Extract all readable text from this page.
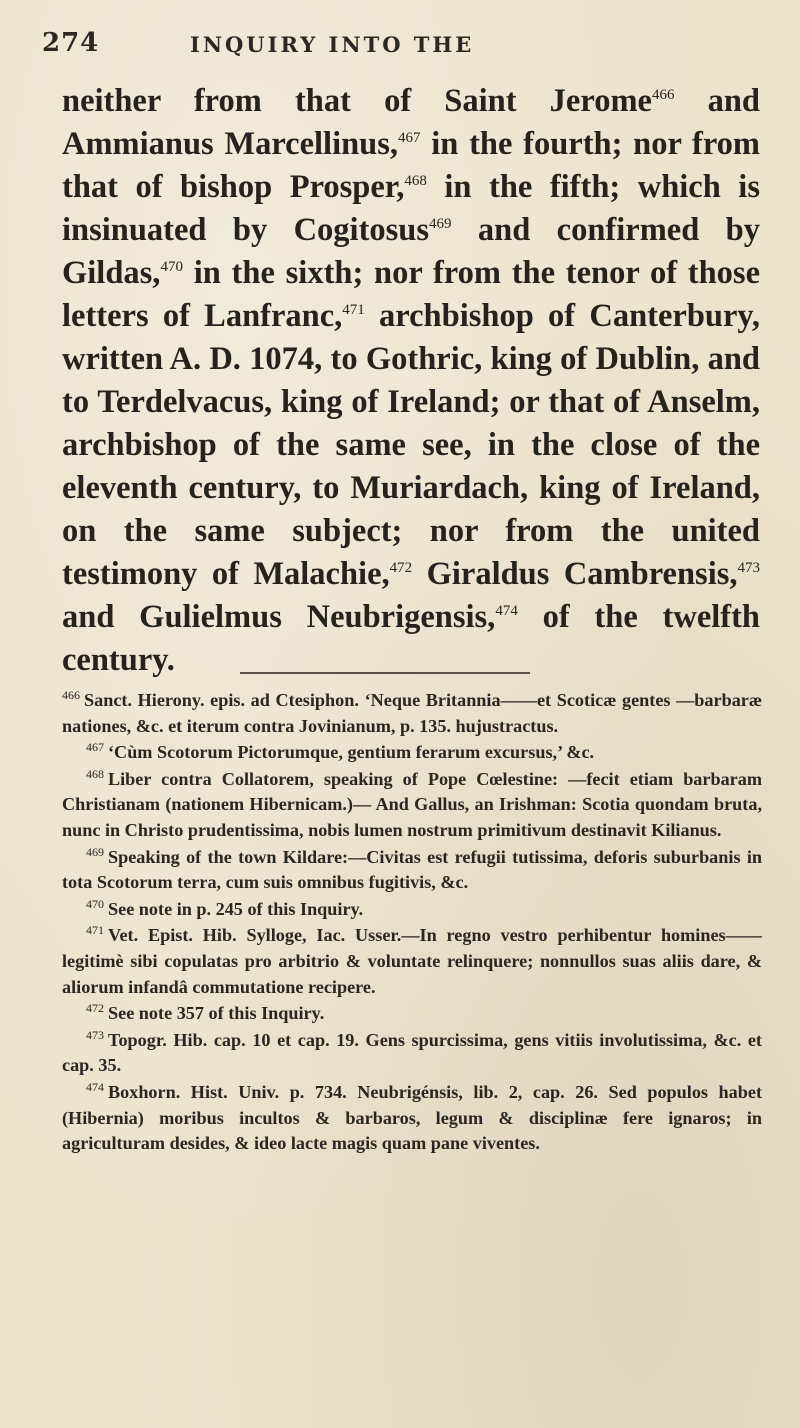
274	INQUIRY INTO THE

neither from that of Saint Jerome$^{466}$ and Ammianus Marcellinus,$^{467}$ in the fourth; nor from that of bishop Prosper,$^{468}$ in the fifth; which is insinuated by Cogitosus$^{469}$ and confirmed by Gildas,$^{470}$ in the sixth; nor from the tenor of those letters of Lanfranc,$^{471}$ archbishop of Canterbury, written A. D. 1074, to Gothric, king of Dublin, and to Terdelvacus, king of Ireland; or that of Anselm, archbishop of the same see, in the close of the eleventh century, to Muriardach, king of Ireland, on the same subject; nor from the united testimony of Malachie,$^{472}$ Giraldus Cambrensis,$^{473}$ and Gulielmus Neubrigensis,$^{474}$ of the twelfth century.

$^{466}$ Sanct. Hierony. epis. ad Ctesiphon. ‘Neque Britannia——et Scoticæ gentes —barbaræ nationes, &c. et iterum contra Jovinianum, p. 135. hujustractus.

$^{467}$ ‘Cùm Scotorum Pictorumque, gentium ferarum excursus,’ &c.

$^{468}$ Liber contra Collatorem, speaking of Pope Cœlestine: —fecit etiam barbaram Christianam (nationem Hibernicam.)— And Gallus, an Irishman: Scotia quondam bruta, nunc in Christo prudentissima, nobis lumen nostrum primitivum destinavit Kilianus.

$^{469}$ Speaking of the town Kildare:—Civitas est refugii tutissima, deforis suburbanis in tota Scotorum terra, cum suis omnibus fugitivis, &c.

$^{470}$ See note in p. 245 of this Inquiry.

$^{471}$ Vet. Epist. Hib. Sylloge, Iac. Usser.—In regno vestro perhibentur homines——legitimè sibi copulatas pro arbitrio & voluntate relinquere; nonnullos suas aliis dare, & aliorum infandâ commutatione recipere.

$^{472}$ See note 357 of this Inquiry.

$^{473}$ Topogr. Hib. cap. 10 et cap. 19. Gens spurcissima, gens vitiis involutissima, &c. et cap. 35.

$^{474}$ Boxhorn. Hist. Univ. p. 734. Neubrigénsis, lib. 2, cap. 26. Sed populos habet (Hibernia) moribus incultos & barbaros, legum & disciplinæ fere ignaros; in agriculturam desides, & ideo lacte magis quam pane viventes.
